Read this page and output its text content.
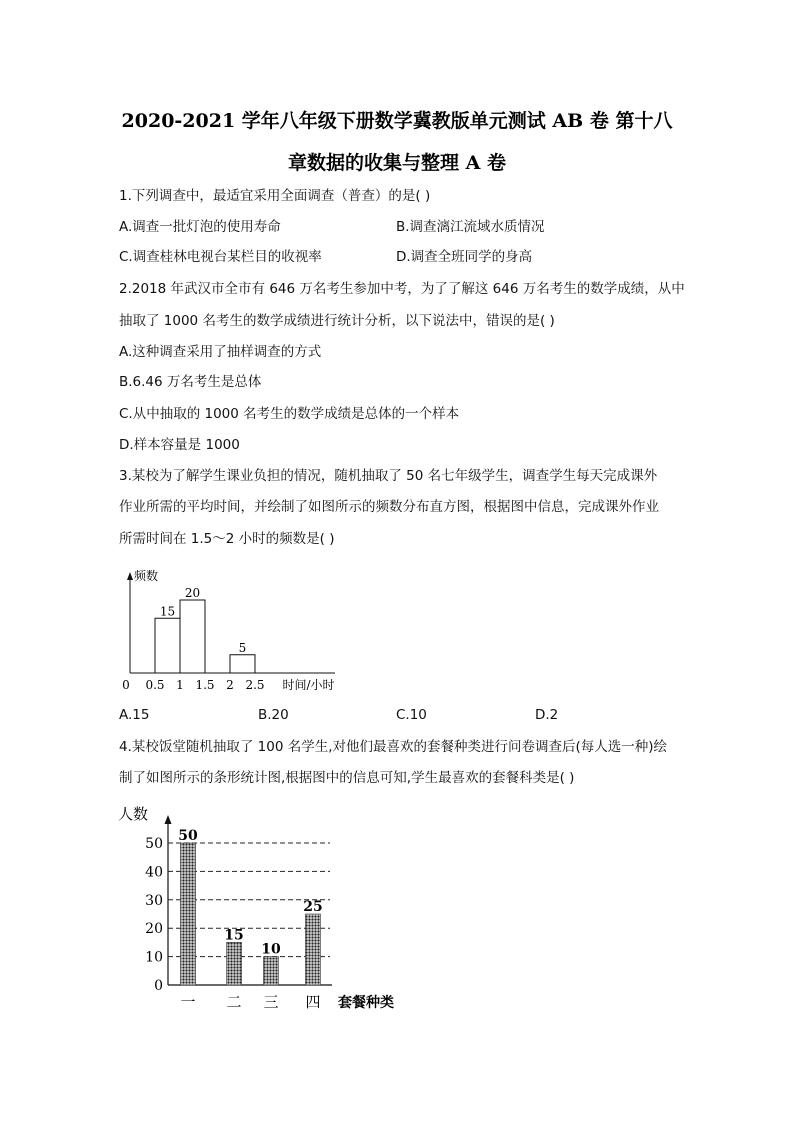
2020-2021 学年八年级下册数学冀教版单元测试 AB 卷 第十八
章数据的收集与整理 A 卷
1.下列调查中，最适宜采用全面调查（普查）的是( )
A.调查一批灯泡的使用寿命	B.调查漓江流域水质情况
C.调查桂林电视台某栏目的收视率	D.调查全班同学的身高
2.2018 年武汉市全市有 646 万名考生参加中考，为了了解这 646 万名考生的数学成绩，从中
抽取了 1000 名考生的数学成绩进行统计分析，以下说法中，错误的是( )
A.这种调查采用了抽样调查的方式
B.6.46 万名考生是总体
C.从中抽取的 1000 名考生的数学成绩是总体的一个样本
D.样本容量是 1000
3.某校为了解学生课业负担的情况，随机抽取了 50 名七年级学生，调查学生每天完成课外
作业所需的平均时间，并绘制了如图所示的频数分布直方图，根据图中信息，完成课外作业
所需时间在 1.5～2 小时的频数是( )
频数
15
20
5
0 0.5 1 1.5 2 2.5 时间/小时
A.15	B.20	C.10	D.2
4.某校饭堂随机抽取了 100 名学生,对他们最喜欢的套餐种类进行问卷调查后(每人选一种)绘
制了如图所示的条形统计图,根据图中的信息可知,学生最喜欢的套餐科类是( )
人数
0
10
20
30
40
50 50
一
15
二
10
三
25
四 套餐种类
